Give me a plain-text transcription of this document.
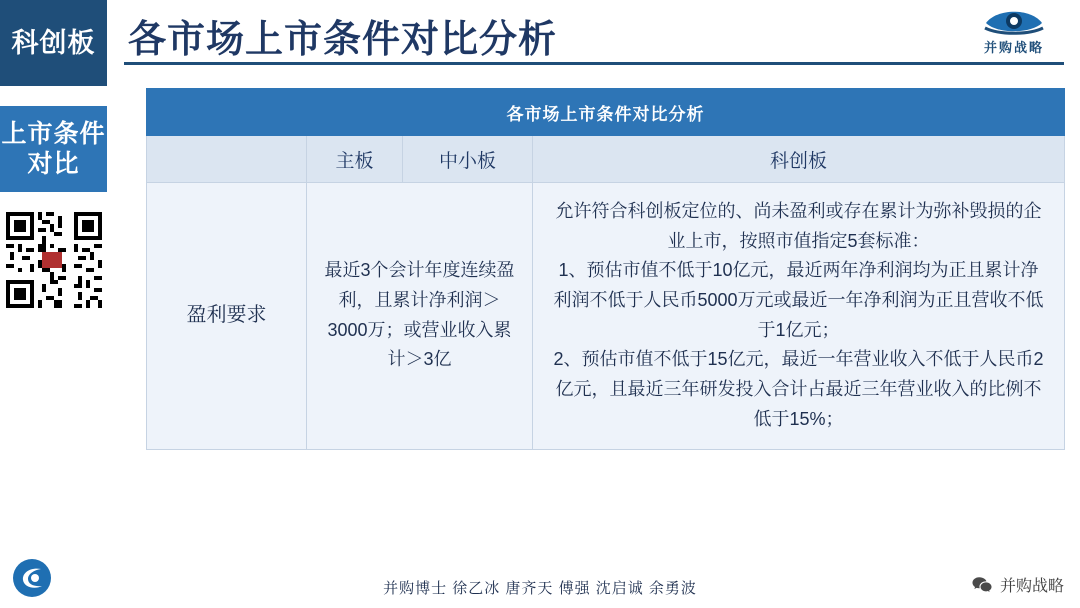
科创板
上市条件对比
各市场上市条件对比分析	并购战略
各市场上市条件对比分析			
	主板	中小板	科创板
盈利要求	最近3个会计年度连续盈利，且累计净利润＞3000万；或营业收入累计＞3亿		允许符合科创板定位的、尚未盈利或存在累计为弥补毁损的企业上市，按照市值指定5套标准：

1、预估市值不低于10亿元，最近两年净利润均为正且累计净利润不低于人民币5000万元或最近一年净利润为正且营收不低于1亿元；

2、预估市值不低于15亿元，最近一年营业收入不低于人民币2亿元，且最近三年研发投入合计占最近三年营业收入的比例不低于15%；

并购博士 徐乙冰 唐齐天 傅强 沈启诚 余勇波	并购战略
